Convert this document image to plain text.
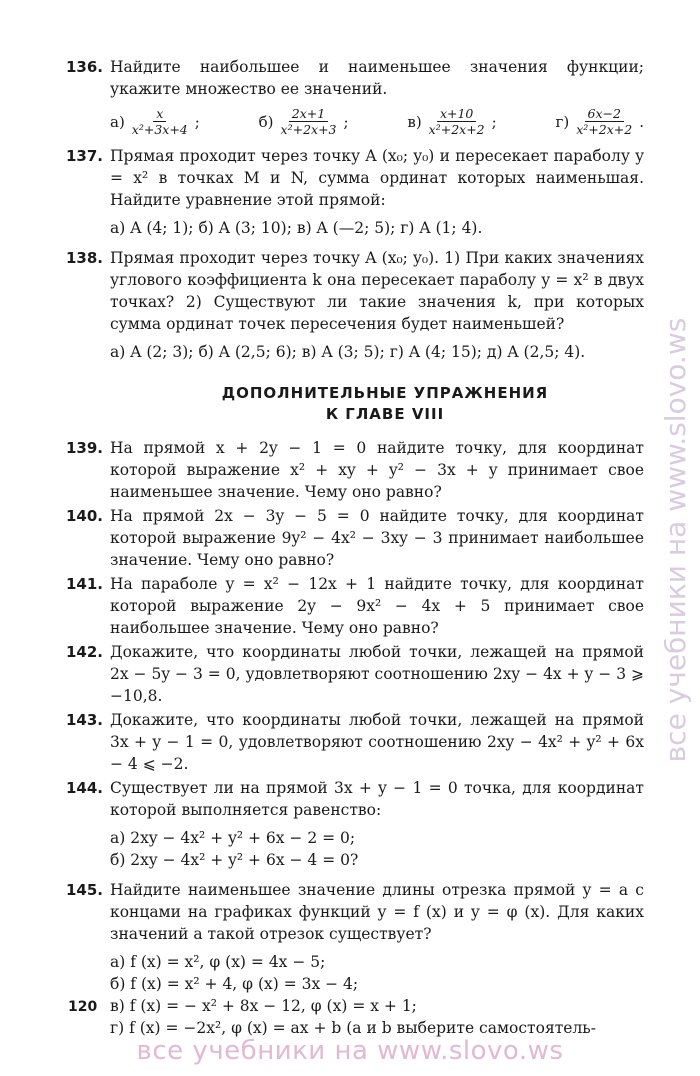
136. Найдите наибольшее и наименьшее значения функции; укажите множество ее значений.
$а) \frac{x}{\text{x²+3x+4}}$ ;	$б) \frac{2x+1}{\text{x²+2x+3}}$ ;	$в) \frac{x+10}{\text{x²+2x+2}}$ ;	$г) \frac{6x-2}{\text{x²+2x+2}}$ .
137. Прямая проходит через точку A (x₀; y₀) и пересекает параболу y = x² в точках M и N, сумма ординат которых наименьшая. Найдите уравнение этой прямой:
а) A (4; 1); б) A (3; 10); в) A (—2; 5); г) A (1; 4).
138. Прямая проходит через точку A (x₀; y₀). 1) При каких значениях углового коэффициента k она пересекает параболу y = x² в двух точках? 2) Существуют ли такие значения k, при которых сумма ординат точек пересечения будет наименьшей?
а) A (2; 3); б) A (2,5; 6); в) A (3; 5); г) A (4; 15); д) A (2,5; 4).
ДОПОЛНИТЕЛЬНЫЕ УПРАЖНЕНИЯ
К ГЛАВЕ VIII
139. На прямой x + 2y − 1 = 0 найдите точку, для координат которой выражение x² + xy + y² − 3x + y принимает свое наименьшее значение. Чему оно равно?
140. На прямой 2x − 3y − 5 = 0 найдите точку, для координат которой выражение 9y² − 4x² − 3xy − 3 принимает наибольшее значение. Чему оно равно?
141. На параболе y = x² − 12x + 1 найдите точку, для координат которой выражение 2y − 9x² − 4x + 5 принимает свое наибольшее значение. Чему оно равно?
142. Докажите, что координаты любой точки, лежащей на прямой 2x − 5y − 3 = 0, удовлетворяют соотношению 2xy − 4x + y − 3 ⩾ −10,8.
143. Докажите, что координаты любой точки, лежащей на прямой 3x + y − 1 = 0, удовлетворяют соотношению 2xy − 4x² + y² + 6x − 4 ⩽ −2.
144. Существует ли на прямой 3x + y − 1 = 0 точка, для координат которой выполняется равенство:
а) 2xy − 4x² + y² + 6x − 2 = 0;
б) 2xy − 4x² + y² + 6x − 4 = 0?
145. Найдите наименьшее значение длины отрезка прямой y = a с концами на графиках функций y = f (x) и y = φ (x). Для каких значений a такой отрезок существует?
а) f (x) = x², φ (x) = 4x − 5;
б) f (x) = x² + 4, φ (x) = 3x − 4;
в) f (x) = − x² + 8x − 12, φ (x) = x + 1;
г) f (x) = −2x², φ (x) = ax + b (a и b выберите самостоятель-
120
все учебники на www.slovo.ws
все учебники на www.slovo.ws
